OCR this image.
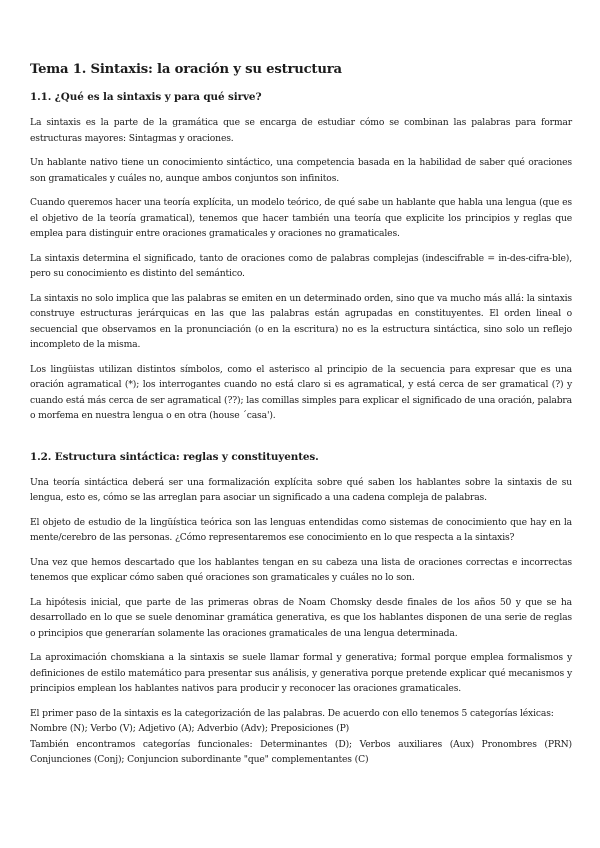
Tema 1. Sintaxis: la oración y su estructura
1.1. ¿Qué es la sintaxis y para qué sirve?

La sintaxis es la parte de la gramática que se encarga de estudiar cómo se combinan las palabras para formar estructuras mayores: Sintagmas y oraciones.

Un hablante nativo tiene un conocimiento sintáctico, una competencia basada en la habilidad de saber qué oraciones son gramaticales y cuáles no, aunque ambos conjuntos son infinitos.

Cuando queremos hacer una teoría explícita, un modelo teórico, de qué sabe un hablante que habla una lengua (que es el objetivo de la teoría gramatical), tenemos que hacer también una teoría que explicite los principios y reglas que emplea para distinguir entre oraciones gramaticales y oraciones no gramaticales.

La sintaxis determina el significado, tanto de oraciones como de palabras complejas (indescifrable = in-des-cifra-ble), pero su conocimiento es distinto del semántico.

La sintaxis no solo implica que las palabras se emiten en un determinado orden, sino que va mucho más allá: la sintaxis construye estructuras jerárquicas en las que las palabras están agrupadas en constituyentes. El orden lineal o secuencial que observamos en la pronunciación (o en la escritura) no es la estructura sintáctica, sino solo un reflejo incompleto de la misma.

Los lingüistas utilizan distintos símbolos, como el asterisco al principio de la secuencia para expresar que es una oración agramatical (*); los interrogantes cuando no está claro si es agramatical, y está cerca de ser gramatical (?) y cuando está más cerca de ser agramatical (??); las comillas simples para explicar el significado de una oración, palabra o morfema en nuestra lengua o en otra (house ´casa').

1.2. Estructura sintáctica: reglas y constituyentes.

Una teoría sintáctica deberá ser una formalización explícita sobre qué saben los hablantes sobre la sintaxis de su lengua, esto es, cómo se las arreglan para asociar un significado a una cadena compleja de palabras.

El objeto de estudio de la lingüística teórica son las lenguas entendidas como sistemas de conocimiento que hay en la mente/cerebro de las personas. ¿Cómo representaremos ese conocimiento en lo que respecta a la sintaxis?

Una vez que hemos descartado que los hablantes tengan en su cabeza una lista de oraciones correctas e incorrectas tenemos que explicar cómo saben qué oraciones son gramaticales y cuáles no lo son.

La hipótesis inicial, que parte de las primeras obras de Noam Chomsky desde finales de los años 50 y que se ha desarrollado en lo que se suele denominar gramática generativa, es que los hablantes disponen de una serie de reglas o principios que generarían solamente las oraciones gramaticales de una lengua determinada.

La aproximación chomskiana a la sintaxis se suele llamar formal y generativa; formal porque emplea formalismos y definiciones de estilo matemático para presentar sus análisis, y generativa porque pretende explicar qué mecanismos y principios emplean los hablantes nativos para producir y reconocer las oraciones gramaticales.

El primer paso de la sintaxis es la categorización de las palabras. De acuerdo con ello tenemos 5 categorías léxicas:

Nombre (N); Verbo (V); Adjetivo (A); Adverbio (Adv); Preposiciones (P)

También encontramos categorías funcionales: Determinantes (D); Verbos auxiliares (Aux) Pronombres (PRN) Conjunciones (Conj); Conjuncion subordinante "que" complementantes (C)
